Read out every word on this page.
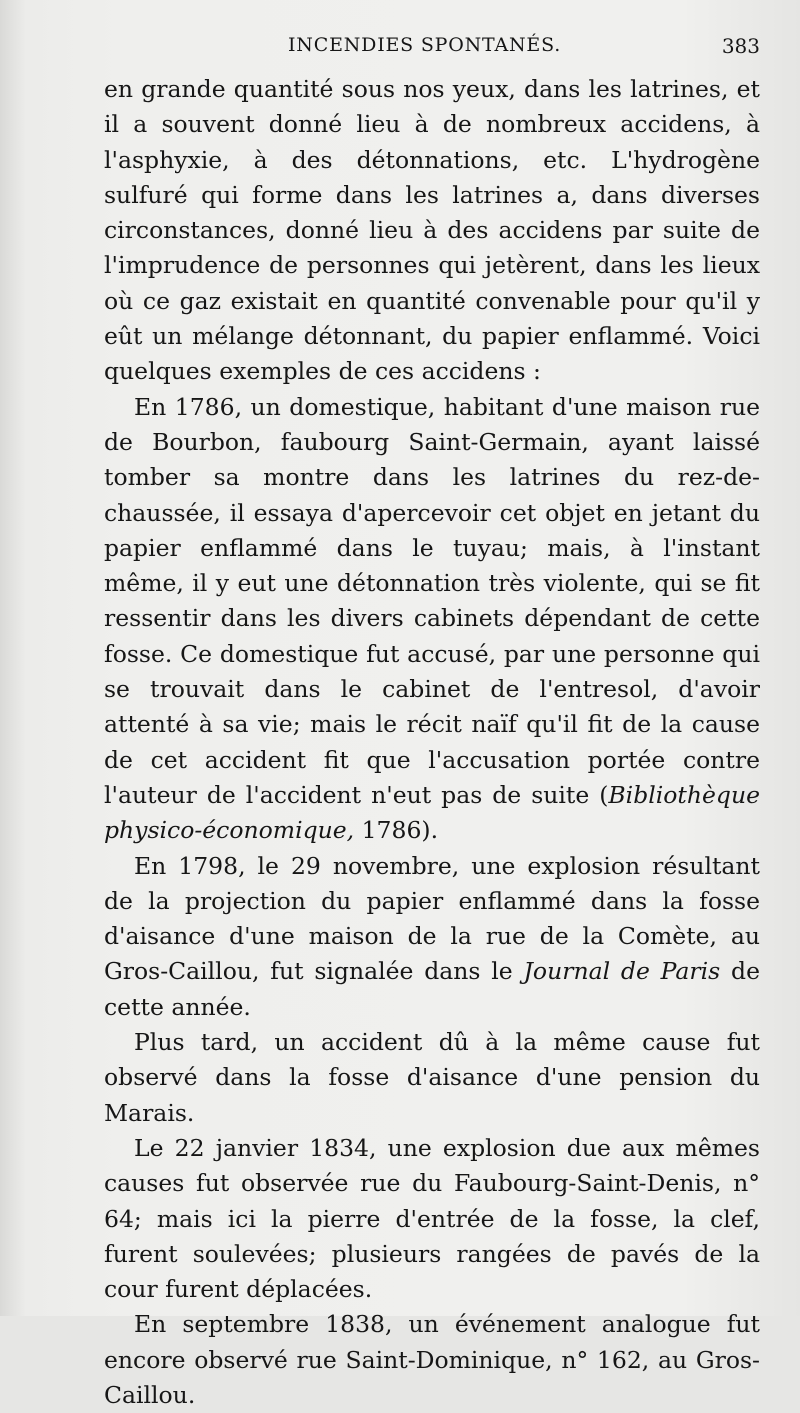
INCENDIES SPONTANÉS.	383

en grande quantité sous nos yeux, dans les latrines, et il a souvent donné lieu à de nombreux accidens, à l'asphyxie, à des détonnations, etc. L'hydrogène sulfuré qui forme dans les latrines a, dans diverses circonstances, donné lieu à des accidens par suite de l'imprudence de personnes qui jetèrent, dans les lieux où ce gaz existait en quantité convenable pour qu'il y eût un mélange détonnant, du papier enflammé. Voici quelques exemples de ces accidens :

En 1786, un domestique, habitant d'une maison rue de Bourbon, faubourg Saint-Germain, ayant laissé tomber sa montre dans les latrines du rez-de-chaussée, il essaya d'apercevoir cet objet en jetant du papier enflammé dans le tuyau; mais, à l'instant même, il y eut une détonnation très violente, qui se fit ressentir dans les divers cabinets dépendant de cette fosse. Ce domestique fut accusé, par une personne qui se trouvait dans le cabinet de l'entresol, d'avoir attenté à sa vie; mais le récit naïf qu'il fit de la cause de cet accident fit que l'accusation portée contre l'auteur de l'accident n'eut pas de suite (Bibliothèque physico-économique, 1786).

En 1798, le 29 novembre, une explosion résultant de la projection du papier enflammé dans la fosse d'aisance d'une maison de la rue de la Comète, au Gros-Caillou, fut signalée dans le Journal de Paris de cette année.

Plus tard, un accident dû à la même cause fut observé dans la fosse d'aisance d'une pension du Marais.

Le 22 janvier 1834, une explosion due aux mêmes causes fut observée rue du Faubourg-Saint-Denis, n° 64; mais ici la pierre d'entrée de la fosse, la clef, furent soulevées; plusieurs rangées de pavés de la cour furent déplacées.

En septembre 1838, un événement analogue fut encore observé rue Saint-Dominique, n° 162, au Gros-Caillou.
